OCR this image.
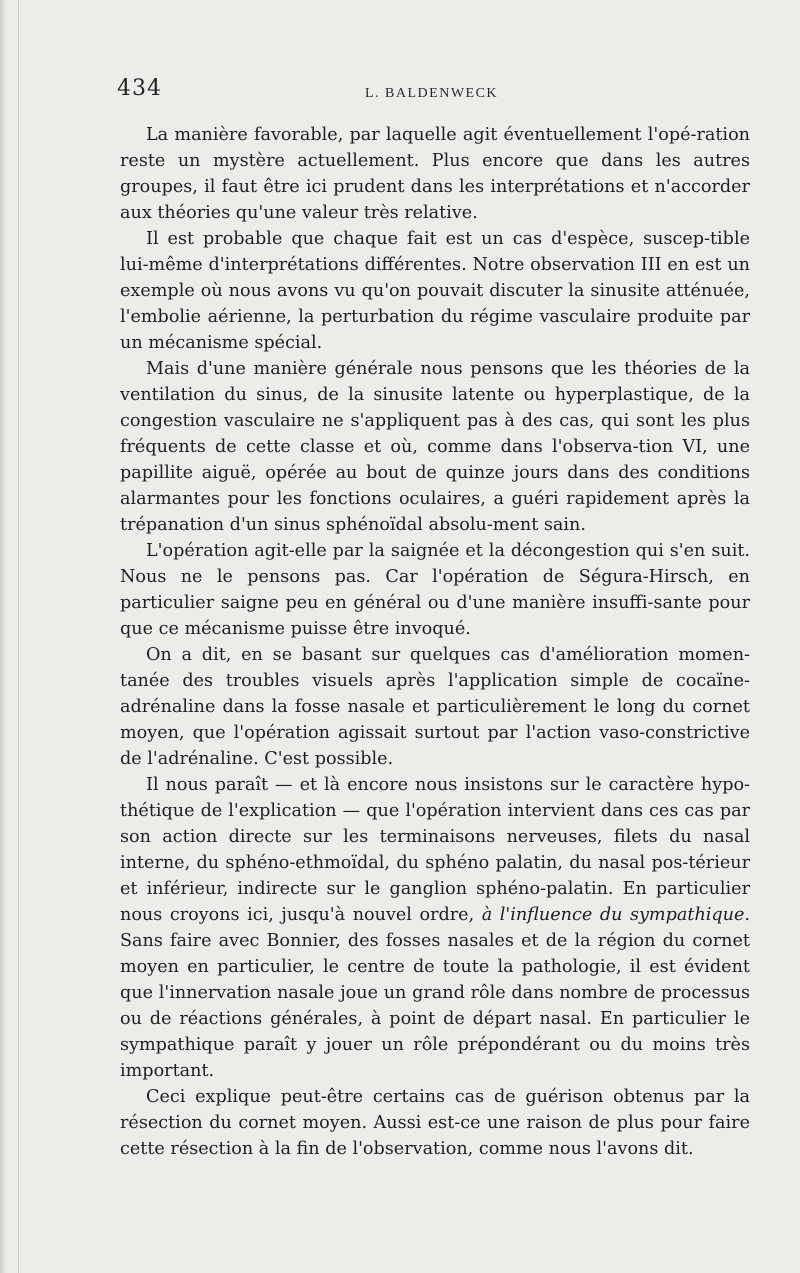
434	L. BALDENWECK

La manière favorable, par laquelle agit éventuellement l'opé-ration reste un mystère actuellement. Plus encore que dans les autres groupes, il faut être ici prudent dans les interprétations et n'accorder aux théories qu'une valeur très relative.

Il est probable que chaque fait est un cas d'espèce, suscep-tible lui-même d'interprétations différentes. Notre observation III en est un exemple où nous avons vu qu'on pouvait discuter la sinusite atténuée, l'embolie aérienne, la perturbation du régime vasculaire produite par un mécanisme spécial.

Mais d'une manière générale nous pensons que les théories de la ventilation du sinus, de la sinusite latente ou hyperplastique, de la congestion vasculaire ne s'appliquent pas à des cas, qui sont les plus fréquents de cette classe et où, comme dans l'observa-tion VI, une papillite aiguë, opérée au bout de quinze jours dans des conditions alarmantes pour les fonctions oculaires, a guéri rapidement après la trépanation d'un sinus sphénoïdal absolu-ment sain.

L'opération agit-elle par la saignée et la décongestion qui s'en suit. Nous ne le pensons pas. Car l'opération de Ségura-Hirsch, en particulier saigne peu en général ou d'une manière insuffi-sante pour que ce mécanisme puisse être invoqué.

On a dit, en se basant sur quelques cas d'amélioration momen-tanée des troubles visuels après l'application simple de cocaïne-adrénaline dans la fosse nasale et particulièrement le long du cornet moyen, que l'opération agissait surtout par l'action vaso-constrictive de l'adrénaline. C'est possible.

Il nous paraît — et là encore nous insistons sur le caractère hypo-thétique de l'explication — que l'opération intervient dans ces cas par son action directe sur les terminaisons nerveuses, filets du nasal interne, du sphéno-ethmoïdal, du sphéno palatin, du nasal pos-térieur et inférieur, indirecte sur le ganglion sphéno-palatin. En particulier nous croyons ici, jusqu'à nouvel ordre, à l'influence du sympathique. Sans faire avec Bonnier, des fosses nasales et de la région du cornet moyen en particulier, le centre de toute la pathologie, il est évident que l'innervation nasale joue un grand rôle dans nombre de processus ou de réactions générales, à point de départ nasal. En particulier le sympathique paraît y jouer un rôle prépondérant ou du moins très important.

Ceci explique peut-être certains cas de guérison obtenus par la résection du cornet moyen. Aussi est-ce une raison de plus pour faire cette résection à la fin de l'observation, comme nous l'avons dit.
